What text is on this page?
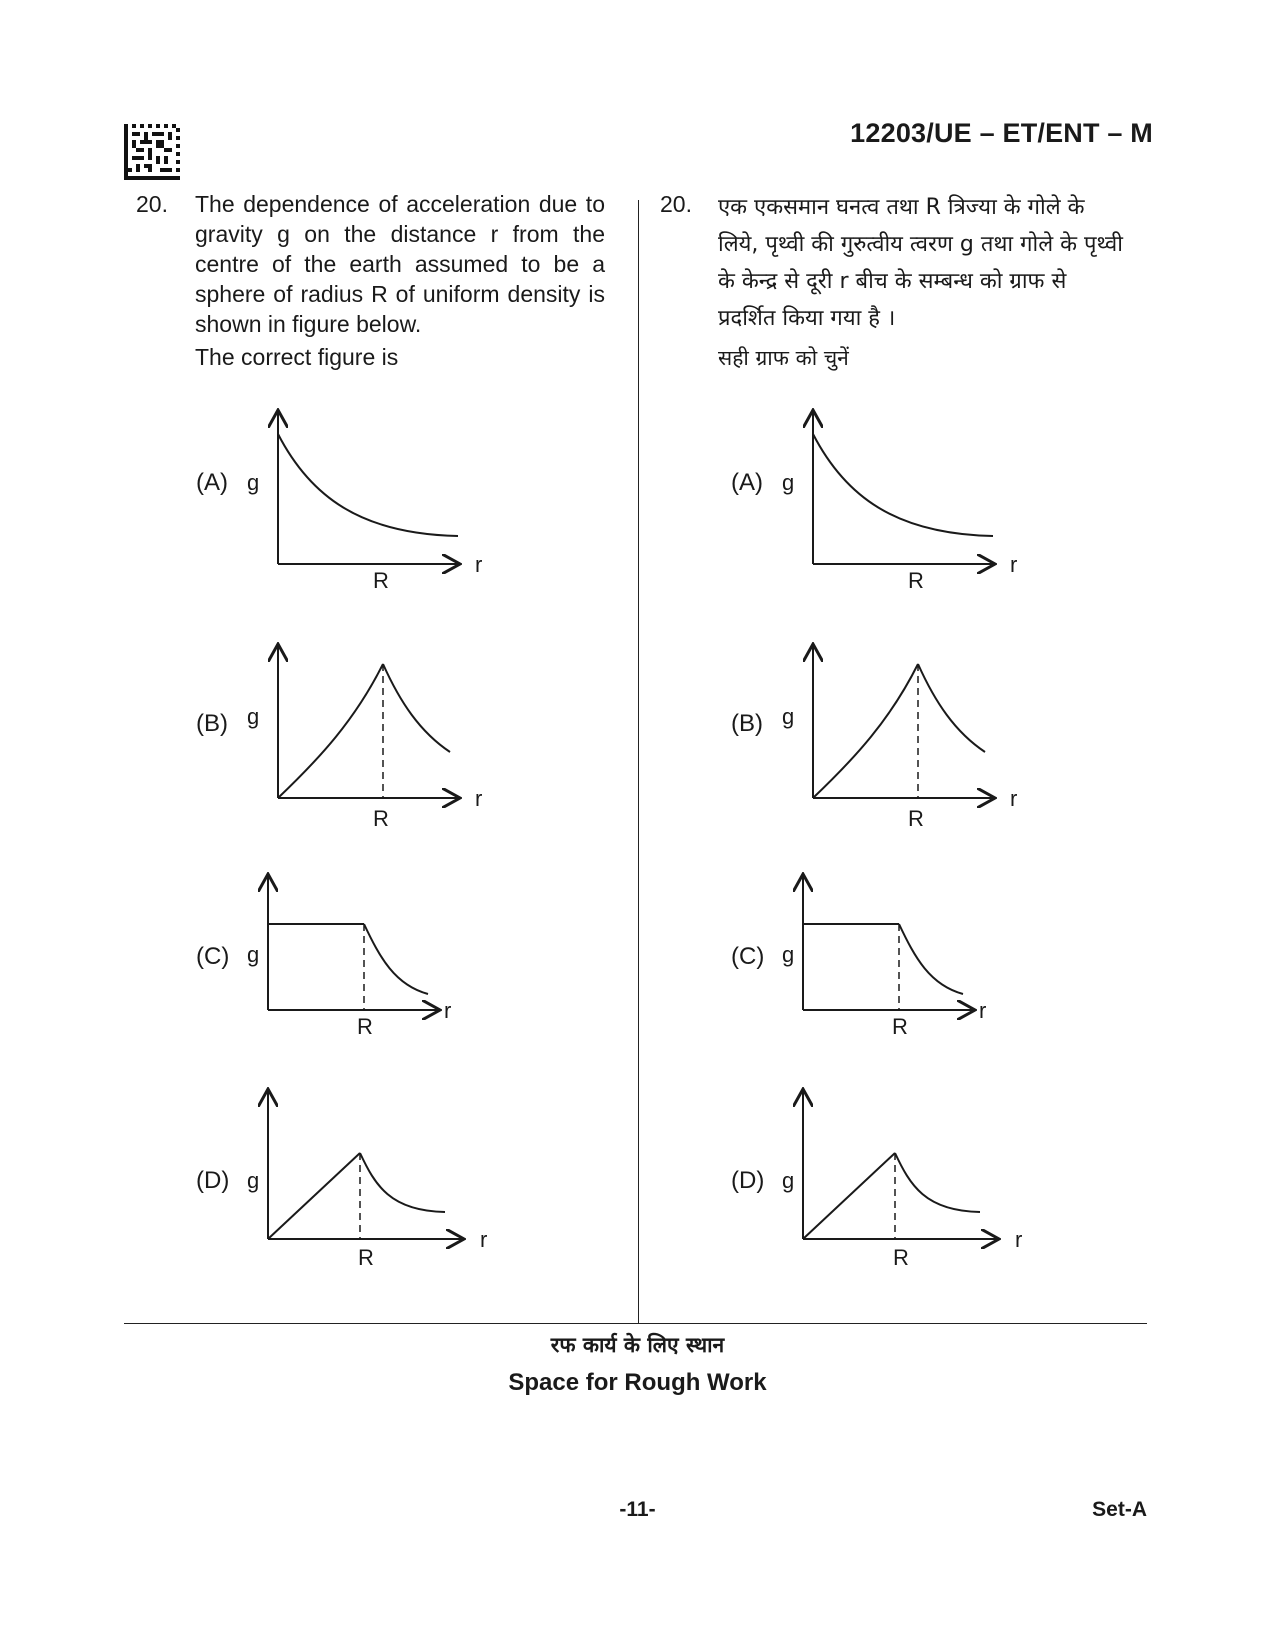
12203/UE – ET/ENT – M
20. The dependence of acceleration due to gravity g on the distance r from the centre of the earth assumed to be a sphere of radius R of uniform density is shown in figure below.
The correct figure is
20. एक एकसमान घनत्व तथा R त्रिज्या के गोले के लिये, पृथ्वी की गुरुत्वीय त्वरण g तथा गोले के पृथ्वी के केन्द्र से दूरी r बीच के सम्बन्ध को ग्राफ से प्रदर्शित किया गया है ।
सही ग्राफ को चुनें
(A) g
r
R
(B) g
r
R
(C) g
r
R
(D) g
r
R
(A) g
r
R
(B) g
r
R
(C) g
r
R
(D) g
r
R
रफ कार्य के लिए स्थान
Space for Rough Work
-11-	Set-A
